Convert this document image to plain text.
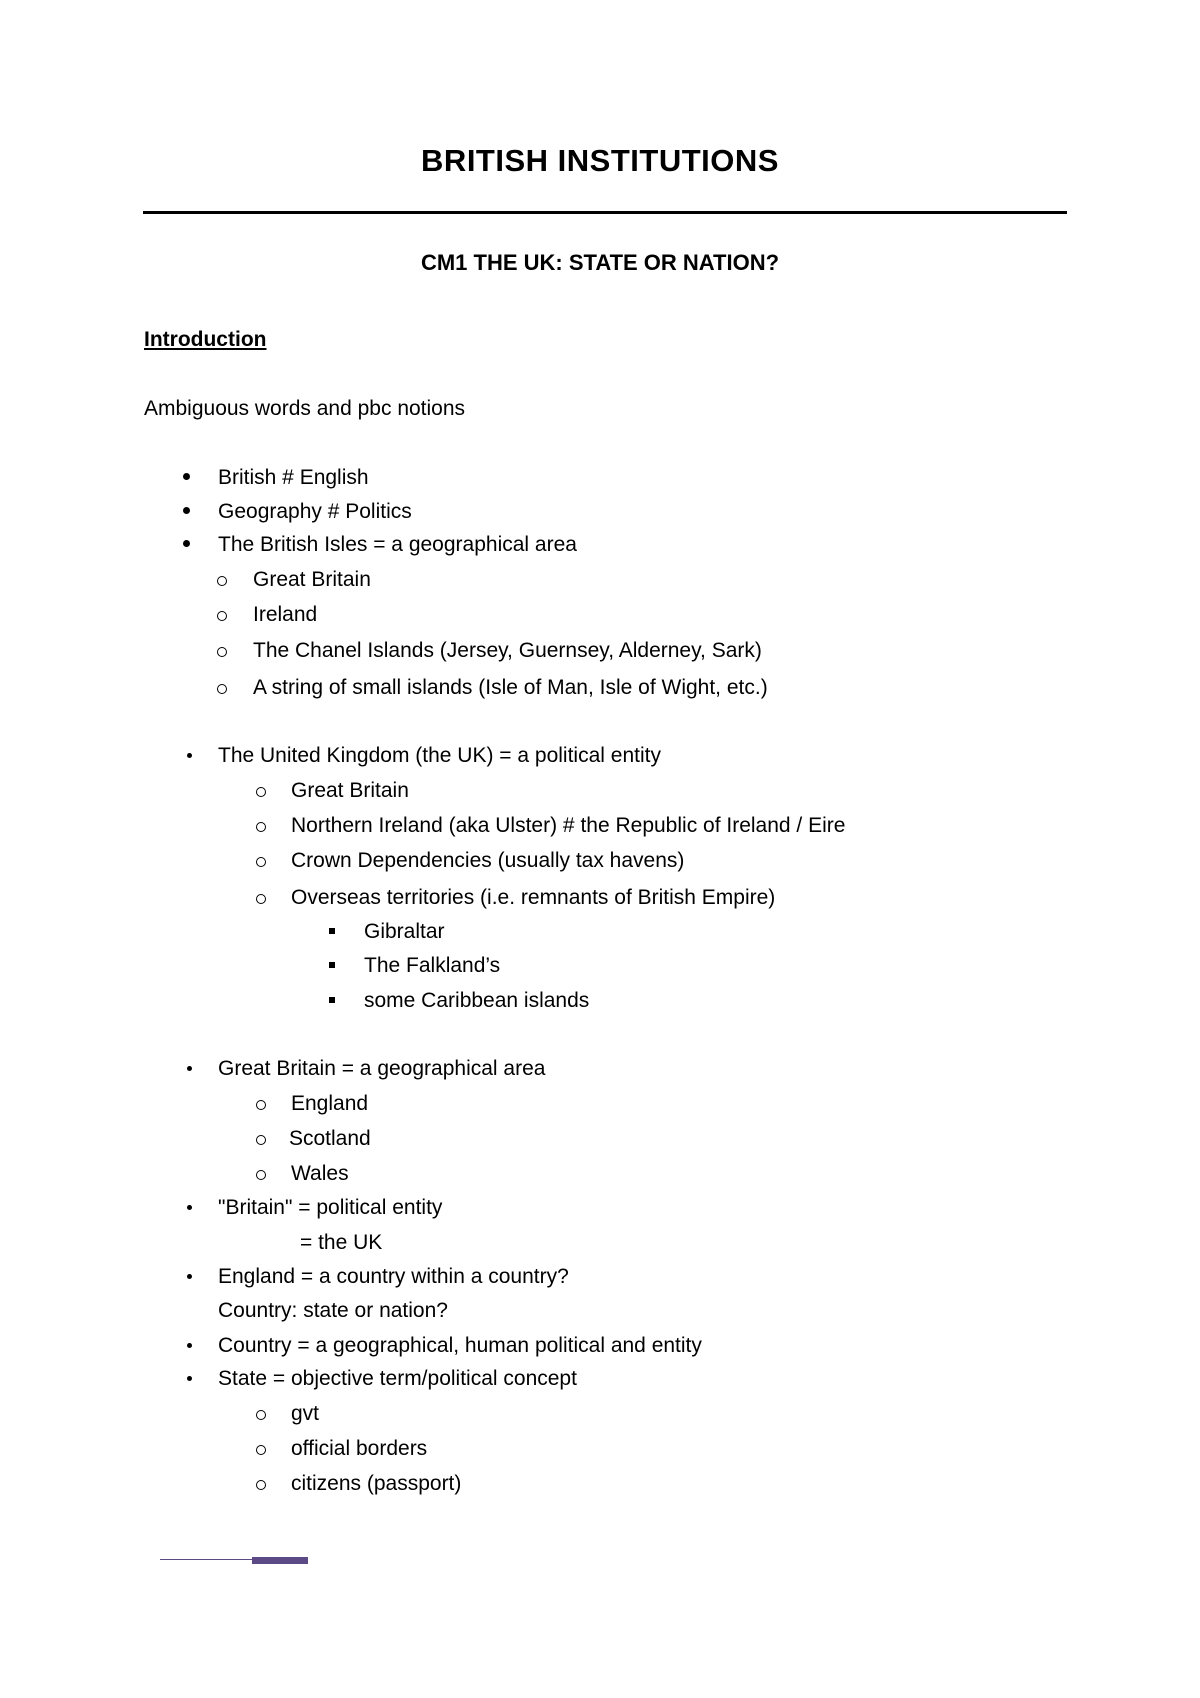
BRITISH INSTITUTIONS
CM1 THE UK: STATE OR NATION?
Introduction
Ambiguous words and pbc notions
British # English
Geography # Politics
The British Isles = a geographical area
Great Britain
Ireland
The Chanel Islands (Jersey, Guernsey, Alderney, Sark)
A string of small islands (Isle of Man, Isle of Wight, etc.)
The United Kingdom (the UK) = a political entity
Great Britain
Northern Ireland (aka Ulster) # the Republic of Ireland / Eire
Crown Dependencies (usually tax havens)
Overseas territories (i.e. remnants of British Empire)
Gibraltar
The Falkland’s
some Caribbean islands
Great Britain = a geographical area
England
Scotland
Wales
"Britain" = political entity
= the UK
England = a country within a country?
Country: state or nation?
Country = a geographical, human political and entity
State = objective term/political concept
gvt
official borders
citizens (passport)
